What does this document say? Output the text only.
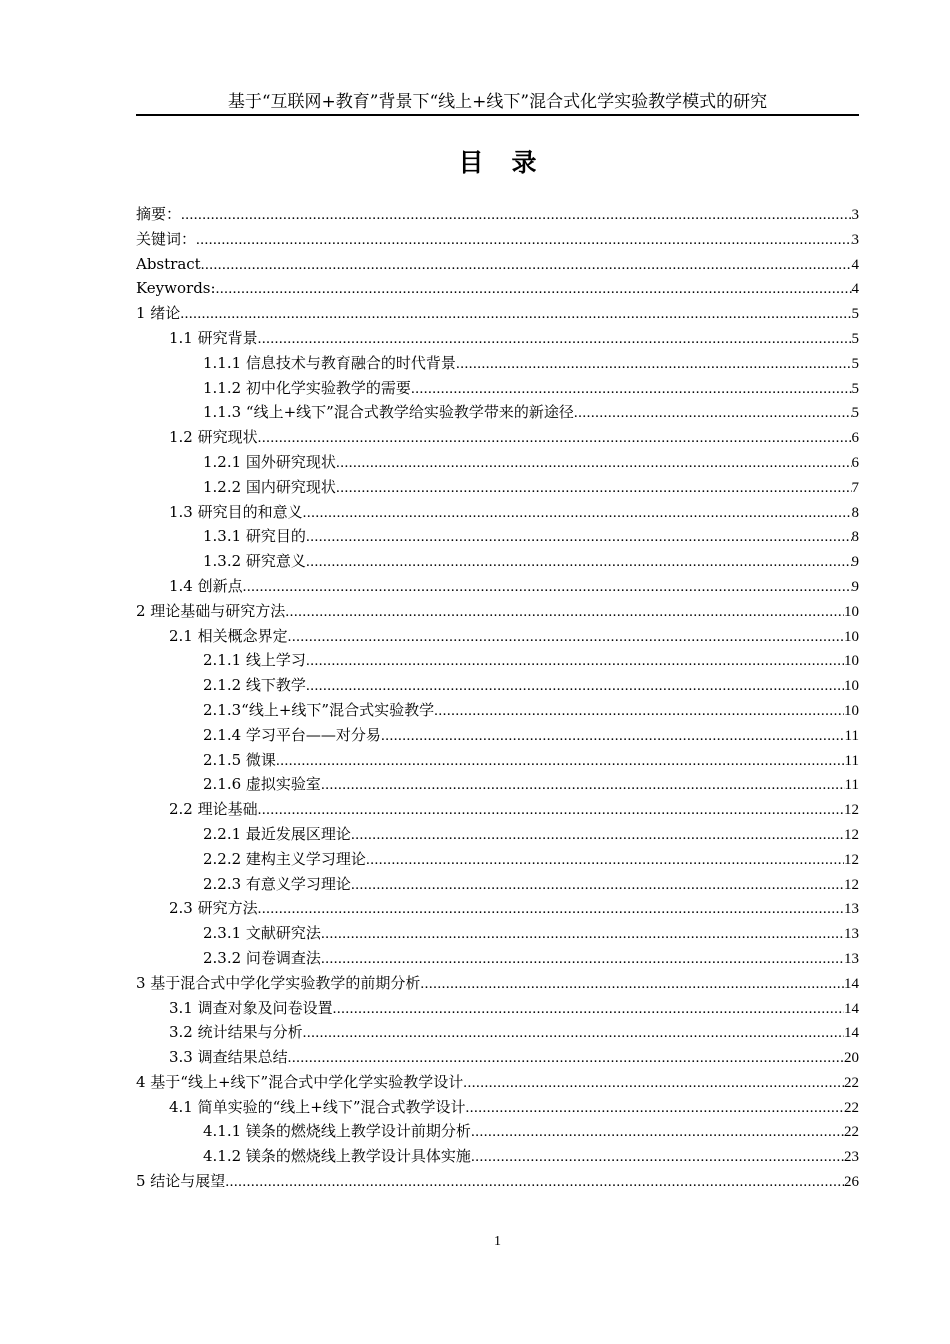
基于“互联网+教育”背景下“线上+线下”混合式化学实验教学模式的研究
目录
摘要： .....	3
关键词： .....	3
Abstract .....	4
Keywords: .....	4
1 绪论 .....	5
1.1 研究背景 .....	5
1.1.1 信息技术与教育融合的时代背景 .....	5
1.1.2 初中化学实验教学的需要 .....	5
1.1.3 “线上+线下”混合式教学给实验教学带来的新途径 .....	5
1.2 研究现状 .....	6
1.2.1 国外研究现状 .....	6
1.2.2 国内研究现状 .....	7
1.3 研究目的和意义 .....	8
1.3.1 研究目的 .....	8
1.3.2 研究意义 .....	9
1.4 创新点 .....	9
2 理论基础与研究方法 .....	10
2.1 相关概念界定 .....	10
2.1.1 线上学习 .....	10
2.1.2 线下教学 .....	10
2.1.3“线上+线下”混合式实验教学 .....	10
2.1.4 学习平台——对分易 .....	11
2.1.5 微课 .....	11
2.1.6 虚拟实验室 .....	11
2.2 理论基础 .....	12
2.2.1 最近发展区理论 .....	12
2.2.2 建构主义学习理论 .....	12
2.2.3 有意义学习理论 .....	12
2.3 研究方法 .....	13
2.3.1 文献研究法 .....	13
2.3.2 问卷调查法 .....	13
3 基于混合式中学化学实验教学的前期分析 .....	14
3.1 调查对象及问卷设置 .....	14
3.2 统计结果与分析 .....	14
3.3 调查结果总结 .....	20
4 基于“线上+线下”混合式中学化学实验教学设计 .....	22
4.1 简单实验的“线上+线下”混合式教学设计 .....	22
4.1.1 镁条的燃烧线上教学设计前期分析 .....	22
4.1.2 镁条的燃烧线上教学设计具体实施 .....	23
5 结论与展望 .....	26
1
